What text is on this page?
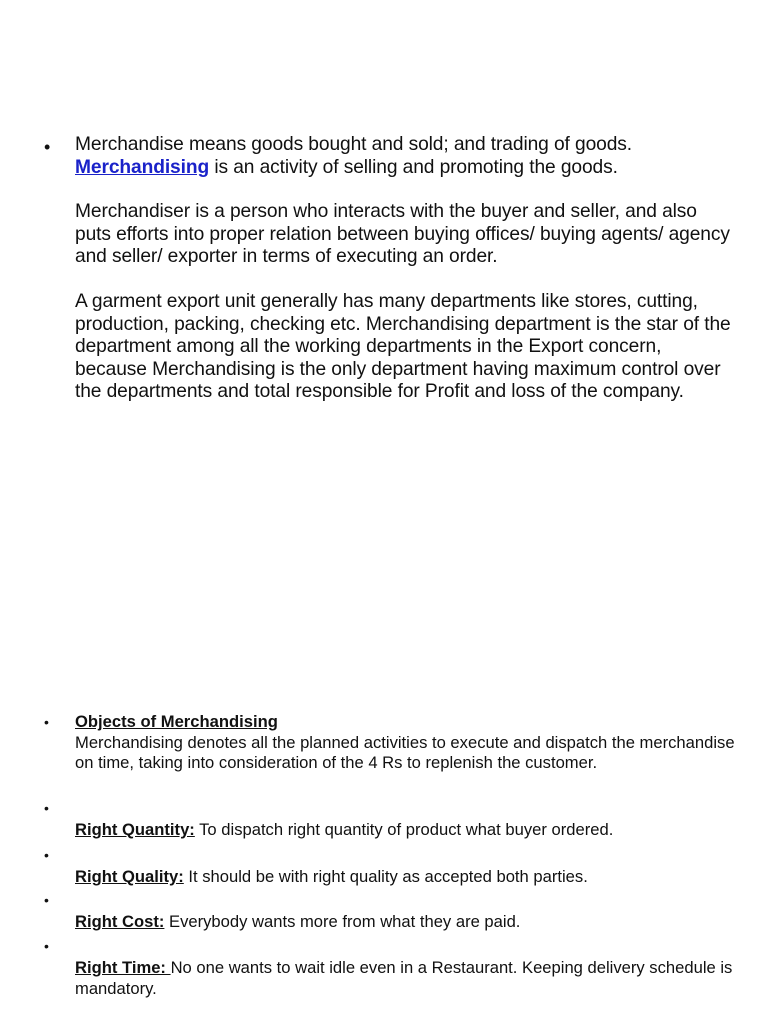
• Merchandise means goods bought and sold; and trading of goods. Merchandising is an activity of selling and promoting the goods.

Merchandiser is a person who interacts with the buyer and seller, and also puts efforts into proper relation between buying offices/ buying agents/ agency and seller/ exporter in terms of executing an order.

A garment export unit generally has many departments like stores, cutting, production, packing, checking etc. Merchandising department is the star of the department among all the working departments in the Export concern, because Merchandising is the only department having maximum control over the departments and total responsible for Profit and loss of the company.

• Objects of Merchandising
Merchandising denotes all the planned activities to execute and dispatch the merchandise on time, taking into consideration of the 4 Rs to replenish the customer.
•
Right Quantity: To dispatch right quantity of product what buyer ordered.
•
Right Quality: It should be with right quality as accepted both parties.
•
Right Cost: Everybody wants more from what they are paid.
•
Right Time: No one wants to wait idle even in a Restaurant. Keeping delivery schedule is mandatory.
